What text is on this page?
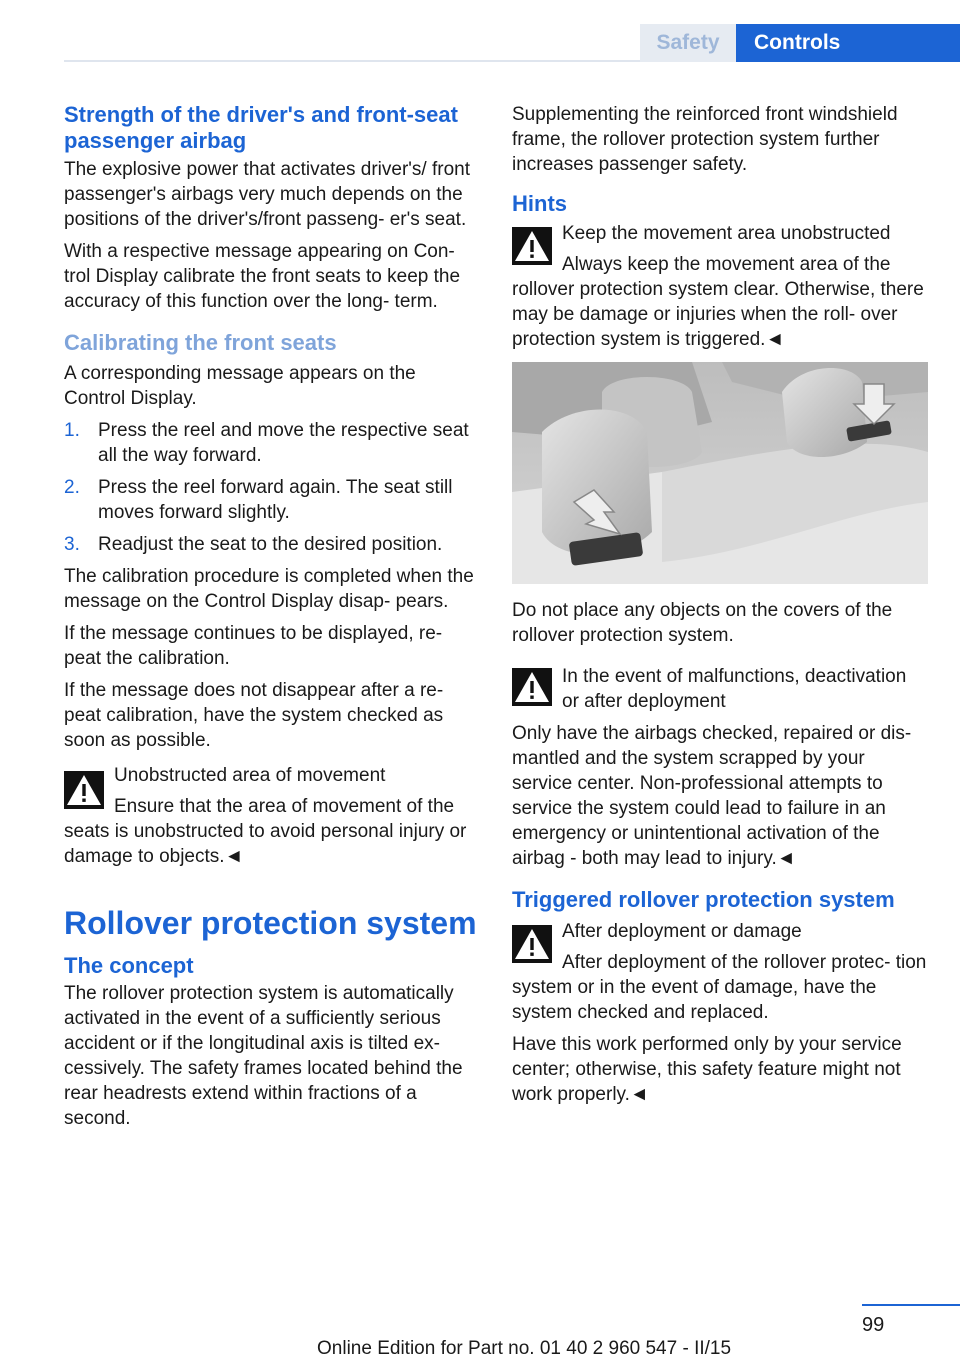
Safety	Controls
Strength of the driver's and front-seat passenger airbag

The explosive power that activates driver's/ front passenger's airbags very much depends on the positions of the driver's/front passeng‐ er's seat.

With a respective message appearing on Con‐ trol Display calibrate the front seats to keep the accuracy of this function over the long- term.

Calibrating the front seats

A corresponding message appears on the Control Display.

1. Press the reel and move the respective seat all the way forward.
2. Press the reel forward again. The seat still moves forward slightly.
3. Readjust the seat to the desired position.

The calibration procedure is completed when the message on the Control Display disap‐ pears.

If the message continues to be displayed, re‐ peat the calibration.

If the message does not disappear after a re‐ peat calibration, have the system checked as soon as possible.

Unobstructed area of movement

Ensure that the area of movement of the seats is unobstructed to avoid personal injury or damage to objects.◄

Rollover protection system
The concept

The rollover protection system is automatically activated in the event of a sufficiently serious accident or if the longitudinal axis is tilted ex‐ cessively. The safety frames located behind the rear headrests extend within fractions of a second.

Supplementing the reinforced front windshield frame, the rollover protection system further increases passenger safety.

Hints

Keep the movement area unobstructed

Always keep the movement area of the rollover protection system clear. Otherwise, there may be damage or injuries when the roll‐ over protection system is triggered.◄

Do not place any objects on the covers of the rollover protection system.

In the event of malfunctions, deactivation or after deployment

Only have the airbags checked, repaired or dis‐ mantled and the system scrapped by your service center. Non-professional attempts to service the system could lead to failure in an emergency or unintentional activation of the airbag - both may lead to injury.◄

Triggered rollover protection system

After deployment or damage

After deployment of the rollover protec‐ tion system or in the event of damage, have the system checked and replaced.

Have this work performed only by your service center; otherwise, this safety feature might not work properly.◄

99
Online Edition for Part no. 01 40 2 960 547 - II/15
